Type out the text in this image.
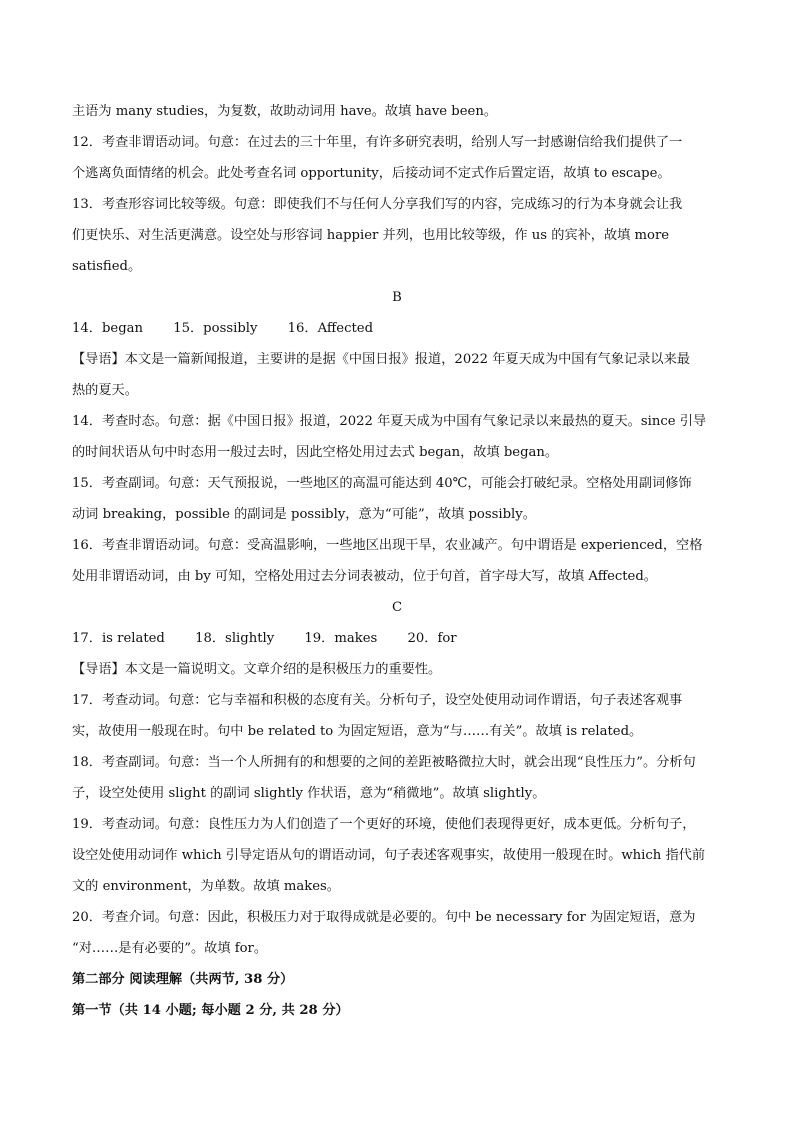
主语为 many studies，为复数，故助动词用 have。故填 have been。
12．考查非谓语动词。句意：在过去的三十年里，有许多研究表明，给别人写一封感谢信给我们提供了一
个逃离负面情绪的机会。此处考查名词 opportunity，后接动词不定式作后置定语，故填 to escape。
13．考查形容词比较等级。句意：即使我们不与任何人分享我们写的内容，完成练习的行为本身就会让我
们更快乐、对生活更满意。设空处与形容词 happier 并列，也用比较等级，作 us 的宾补，故填 more
satisfied。
B
14．began 15．possibly 16．Affected
【导语】本文是一篇新闻报道，主要讲的是据《中国日报》报道，2022 年夏天成为中国有气象记录以来最
热的夏天。
14．考查时态。句意：据《中国日报》报道，2022 年夏天成为中国有气象记录以来最热的夏天。since 引导
的时间状语从句中时态用一般过去时，因此空格处用过去式 began，故填 began。
15．考查副词。句意：天气预报说，一些地区的高温可能达到 40℃，可能会打破纪录。空格处用副词修饰
动词 breaking，possible 的副词是 possibly，意为“可能”，故填 possibly。
16．考查非谓语动词。句意：受高温影响，一些地区出现干旱，农业减产。句中谓语是 experienced，空格
处用非谓语动词，由 by 可知，空格处用过去分词表被动，位于句首，首字母大写，故填 Affected。
C
17．is related 18．slightly 19．makes 20．for
【导语】本文是一篇说明文。文章介绍的是积极压力的重要性。
17．考查动词。句意：它与幸福和积极的态度有关。分析句子，设空处使用动词作谓语，句子表述客观事
实，故使用一般现在时。句中 be related to 为固定短语，意为“与……有关”。故填 is related。
18．考查副词。句意：当一个人所拥有的和想要的之间的差距被略微拉大时，就会出现“良性压力”。分析句
子，设空处使用 slight 的副词 slightly 作状语，意为“稍微地”。故填 slightly。
19．考查动词。句意：良性压力为人们创造了一个更好的环境，使他们表现得更好，成本更低。分析句子，
设空处使用动词作 which 引导定语从句的谓语动词，句子表述客观事实，故使用一般现在时。which 指代前
文的 environment，为单数。故填 makes。
20．考查介词。句意：因此，积极压力对于取得成就是必要的。句中 be necessary for 为固定短语，意为
“对……是有必要的”。故填 for。
第二部分 阅读理解（共两节, 38 分）
第一节（共 14 小题; 每小题 2 分, 共 28 分）
